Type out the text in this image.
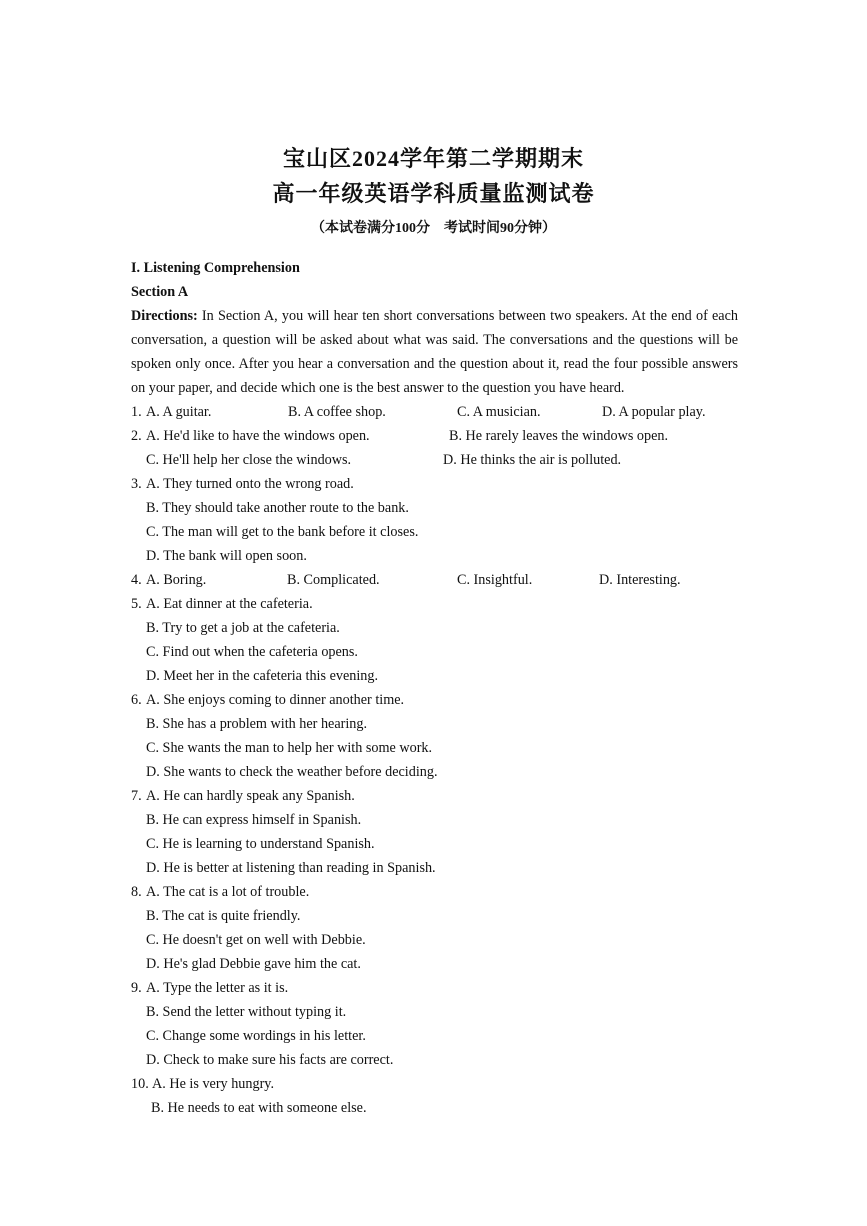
宝山区2024学年第二学期期末
高一年级英语学科质量监测试卷
（本试卷满分100分　考试时间90分钟）
I. Listening Comprehension
Section A
Directions: In Section A, you will hear ten short conversations between two speakers. At the end of each conversation, a question will be asked about what was said. The conversations and the questions will be spoken only once. After you hear a conversation and the question about it, read the four possible answers on your paper, and decide which one is the best answer to the question you have heard.
1. A. A guitar.	B. A coffee shop.	C. A musician.	D. A popular play.
2. A. He'd like to have the windows open.	B. He rarely leaves the windows open.
C. He'll help her close the windows.	D. He thinks the air is polluted.
3. A. They turned onto the wrong road.
B. They should take another route to the bank.
C. The man will get to the bank before it closes.
D. The bank will open soon.
4. A. Boring.	B. Complicated.	C. Insightful.	D. Interesting.
5. A. Eat dinner at the cafeteria.
B. Try to get a job at the cafeteria.
C. Find out when the cafeteria opens.
D. Meet her in the cafeteria this evening.
6. A. She enjoys coming to dinner another time.
B. She has a problem with her hearing.
C. She wants the man to help her with some work.
D. She wants to check the weather before deciding.
7. A. He can hardly speak any Spanish.
B. He can express himself in Spanish.
C. He is learning to understand Spanish.
D. He is better at listening than reading in Spanish.
8. A. The cat is a lot of trouble.
B. The cat is quite friendly.
C. He doesn't get on well with Debbie.
D. He's glad Debbie gave him the cat.
9. A. Type the letter as it is.
B. Send the letter without typing it.
C. Change some wordings in his letter.
D. Check to make sure his facts are correct.
10. A. He is very hungry.
B. He needs to eat with someone else.
